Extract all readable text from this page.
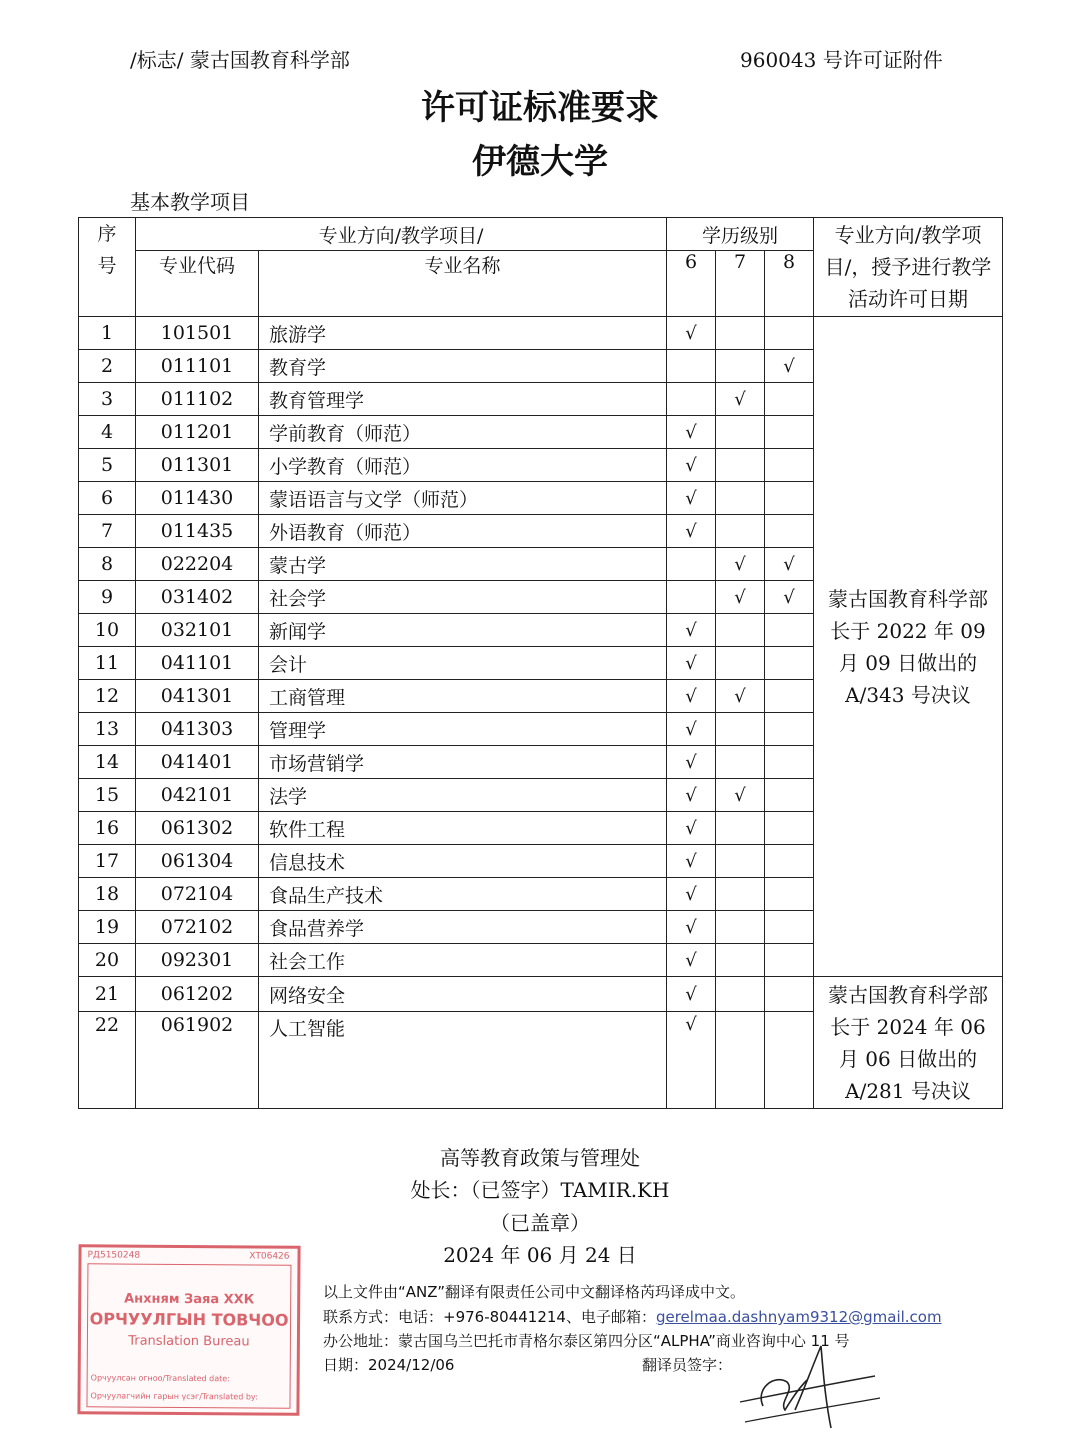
/标志/ 蒙古国教育科学部	960043 号许可证附件
许可证标准要求
伊德大学
基本教学项目
序
号	专业方向/教学项目/		学历级别			专业方向/教学项目/，授予进行教学活动许可日期
	专业代码	专业名称	6	7	8	
1	101501	旅游学	√			蒙古国教育科学部长于 2022 年 09 月 09 日做出的 A/343 号决议
2	011101	教育学			√	
3	011102	教育管理学		√		
4	011201	学前教育（师范）	√			
5	011301	小学教育（师范）	√			
6	011430	蒙语语言与文学（师范）	√			
7	011435	外语教育（师范）	√			
8	022204	蒙古学		√	√	
9	031402	社会学		√	√	
10	032101	新闻学	√			
11	041101	会计	√			
12	041301	工商管理	√	√		
13	041303	管理学	√			
14	041401	市场营销学	√			
15	042101	法学	√	√		
16	061302	软件工程	√			
17	061304	信息技术	√			
18	072104	食品生产技术	√			
19	072102	食品营养学	√			
20	092301	社会工作	√			
21	061202	网络安全	√			蒙古国教育科学部长于 2024 年 06 月 06 日做出的 A/281 号决议
22	061902	人工智能	√			
高等教育政策与管理处
处长：（已签字）TAMIR.KH
（已盖章）
2024 年 06 月 24 日
РД5150248	ХТ06426
Анхням Заяа ХХК
ОРЧУУЛГЫН ТОВЧОО
Translation Bureau
Орчуулсан огноо/Translated date:
Орчуулагчийн гарын үсэг/Translated by:
以上文件由“ANZ”翻译有限责任公司中文翻译格芮玛译成中文。
联系方式：电话：+976-80441214、电子邮箱：gerelmaa.dashnyam9312@gmail.com
办公地址：蒙古国乌兰巴托市青格尔泰区第四分区“ALPHA”商业咨询中心 11 号
日期：2024/12/06	翻译员签字：
